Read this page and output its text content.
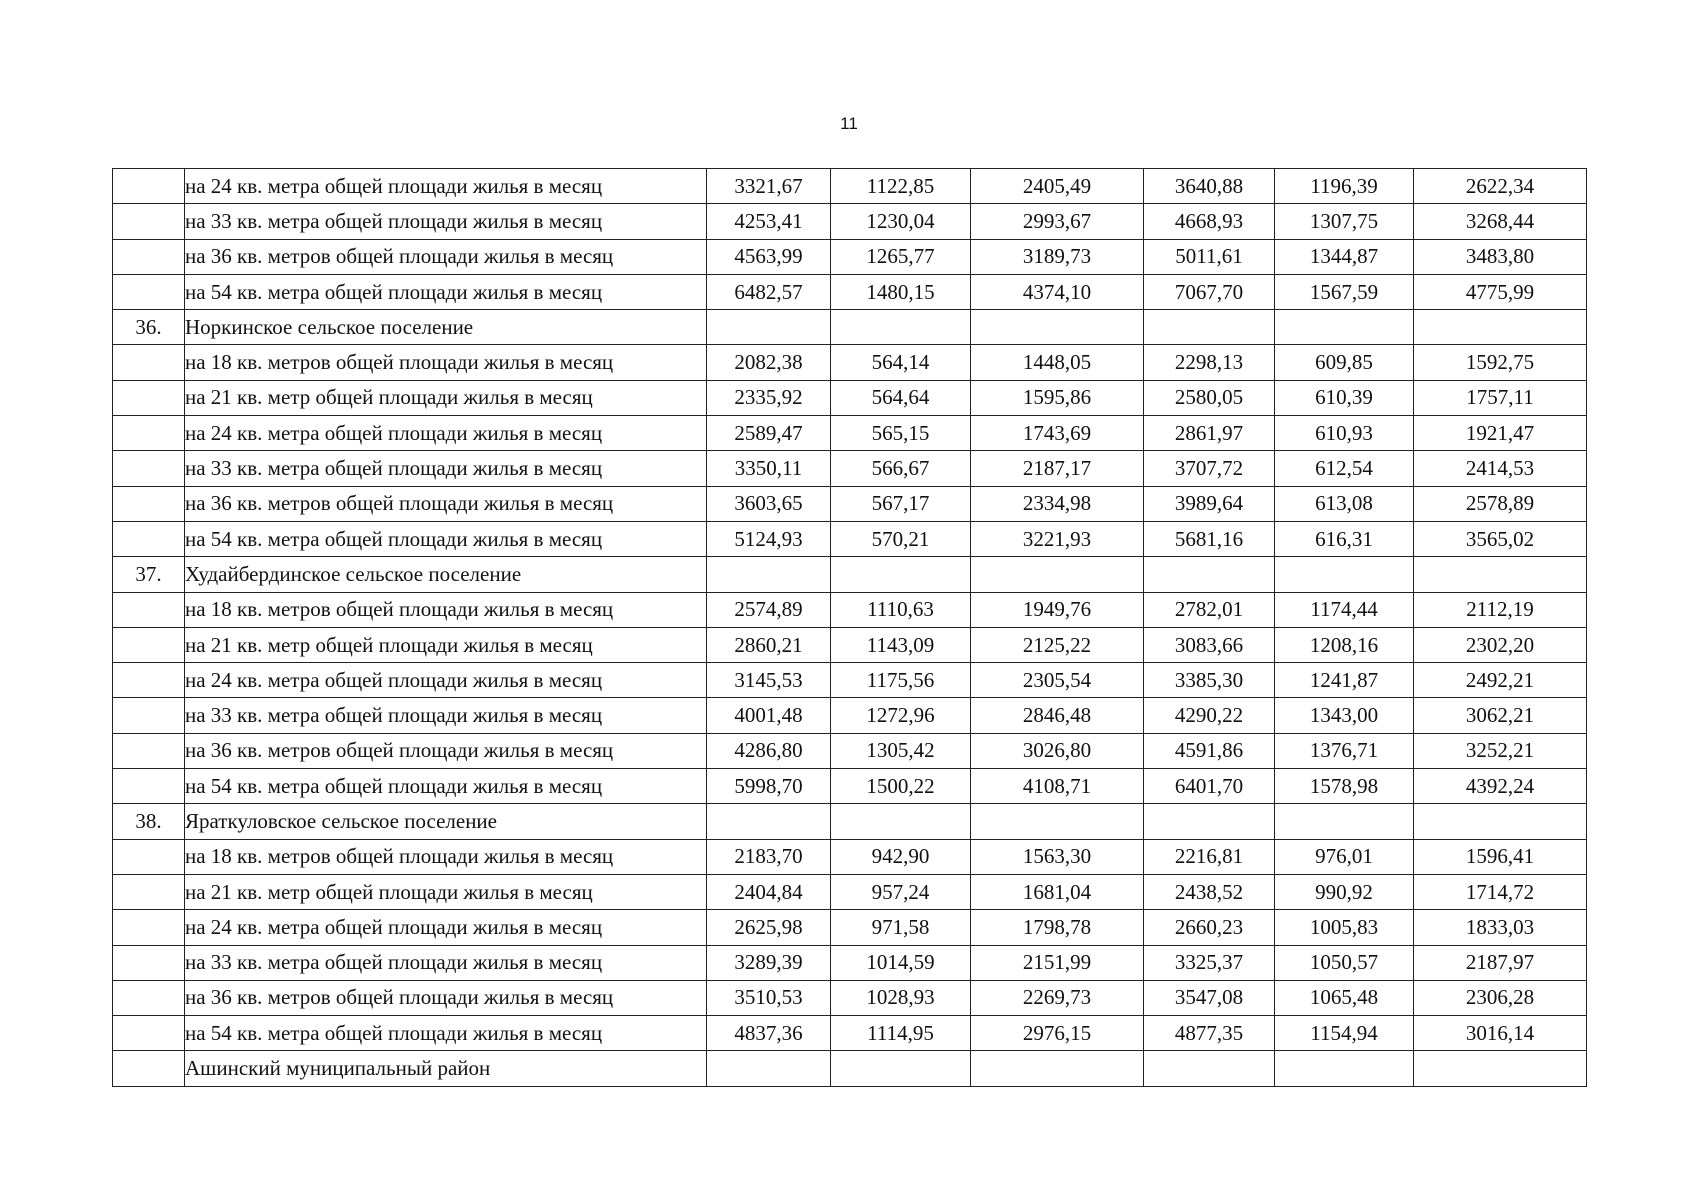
11
	на 24 кв. метра общей площади жилья в месяц	3321,67	1122,85	2405,49	3640,88	1196,39	2622,34
	на 33 кв. метра общей площади жилья в месяц	4253,41	1230,04	2993,67	4668,93	1307,75	3268,44
	на 36 кв. метров общей площади жилья в месяц	4563,99	1265,77	3189,73	5011,61	1344,87	3483,80
	на 54 кв. метра общей площади жилья в месяц	6482,57	1480,15	4374,10	7067,70	1567,59	4775,99
36.	Норкинское сельское поселение						
	на 18 кв. метров общей площади жилья в месяц	2082,38	564,14	1448,05	2298,13	609,85	1592,75
	на 21 кв. метр общей площади жилья в месяц	2335,92	564,64	1595,86	2580,05	610,39	1757,11
	на 24 кв. метра общей площади жилья в месяц	2589,47	565,15	1743,69	2861,97	610,93	1921,47
	на 33 кв. метра общей площади жилья в месяц	3350,11	566,67	2187,17	3707,72	612,54	2414,53
	на 36 кв. метров общей площади жилья в месяц	3603,65	567,17	2334,98	3989,64	613,08	2578,89
	на 54 кв. метра общей площади жилья в месяц	5124,93	570,21	3221,93	5681,16	616,31	3565,02
37.	Худайбердинское сельское поселение						
	на 18 кв. метров общей площади жилья в месяц	2574,89	1110,63	1949,76	2782,01	1174,44	2112,19
	на 21 кв. метр общей площади жилья в месяц	2860,21	1143,09	2125,22	3083,66	1208,16	2302,20
	на 24 кв. метра общей площади жилья в месяц	3145,53	1175,56	2305,54	3385,30	1241,87	2492,21
	на 33 кв. метра общей площади жилья в месяц	4001,48	1272,96	2846,48	4290,22	1343,00	3062,21
	на 36 кв. метров общей площади жилья в месяц	4286,80	1305,42	3026,80	4591,86	1376,71	3252,21
	на 54 кв. метра общей площади жилья в месяц	5998,70	1500,22	4108,71	6401,70	1578,98	4392,24
38.	Яраткуловское сельское поселение						
	на 18 кв. метров общей площади жилья в месяц	2183,70	942,90	1563,30	2216,81	976,01	1596,41
	на 21 кв. метр общей площади жилья в месяц	2404,84	957,24	1681,04	2438,52	990,92	1714,72
	на 24 кв. метра общей площади жилья в месяц	2625,98	971,58	1798,78	2660,23	1005,83	1833,03
	на 33 кв. метра общей площади жилья в месяц	3289,39	1014,59	2151,99	3325,37	1050,57	2187,97
	на 36 кв. метров общей площади жилья в месяц	3510,53	1028,93	2269,73	3547,08	1065,48	2306,28
	на 54 кв. метра общей площади жилья в месяц	4837,36	1114,95	2976,15	4877,35	1154,94	3016,14
	Ашинский муниципальный район						
